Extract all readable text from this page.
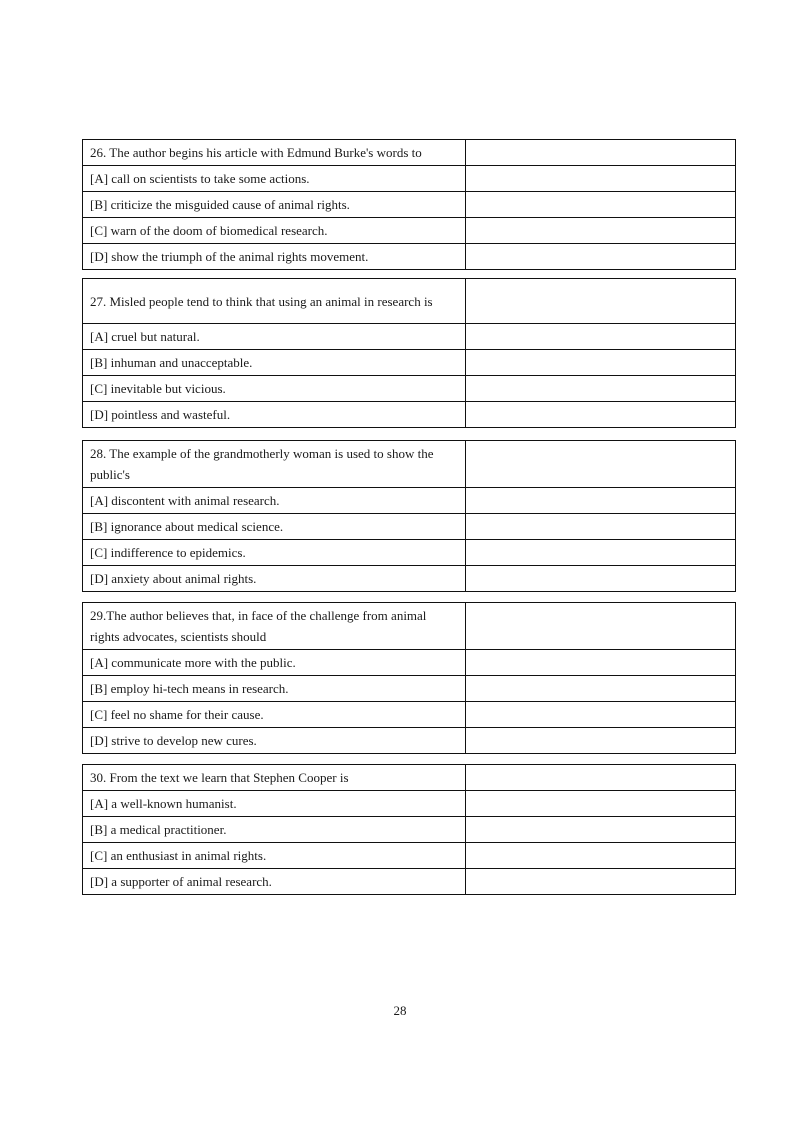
26. The author begins his article with Edmund Burke's words to	
[A] call on scientists to take some actions.	
[B] criticize the misguided cause of animal rights.	
[C] warn of the doom of biomedical research.	
[D] show the triumph of the animal rights movement.	
27. Misled people tend to think that using an animal in research is	
[A] cruel but natural.	
[B] inhuman and unacceptable.	
[C] inevitable but vicious.	
[D] pointless and wasteful.	
28. The example of the grandmotherly woman is used to show the public's	
[A] discontent with animal research.	
[B] ignorance about medical science.	
[C] indifference to epidemics.	
[D] anxiety about animal rights.	
29.The author believes that, in face of the challenge from animal rights advocates, scientists should	
[A] communicate more with the public.	
[B] employ hi-tech means in research.	
[C] feel no shame for their cause.	
[D] strive to develop new cures.	
30. From the text we learn that Stephen Cooper is	
[A] a well-known humanist.	
[B] a medical practitioner.	
[C] an enthusiast in animal rights.	
[D] a supporter of animal research.	
28
